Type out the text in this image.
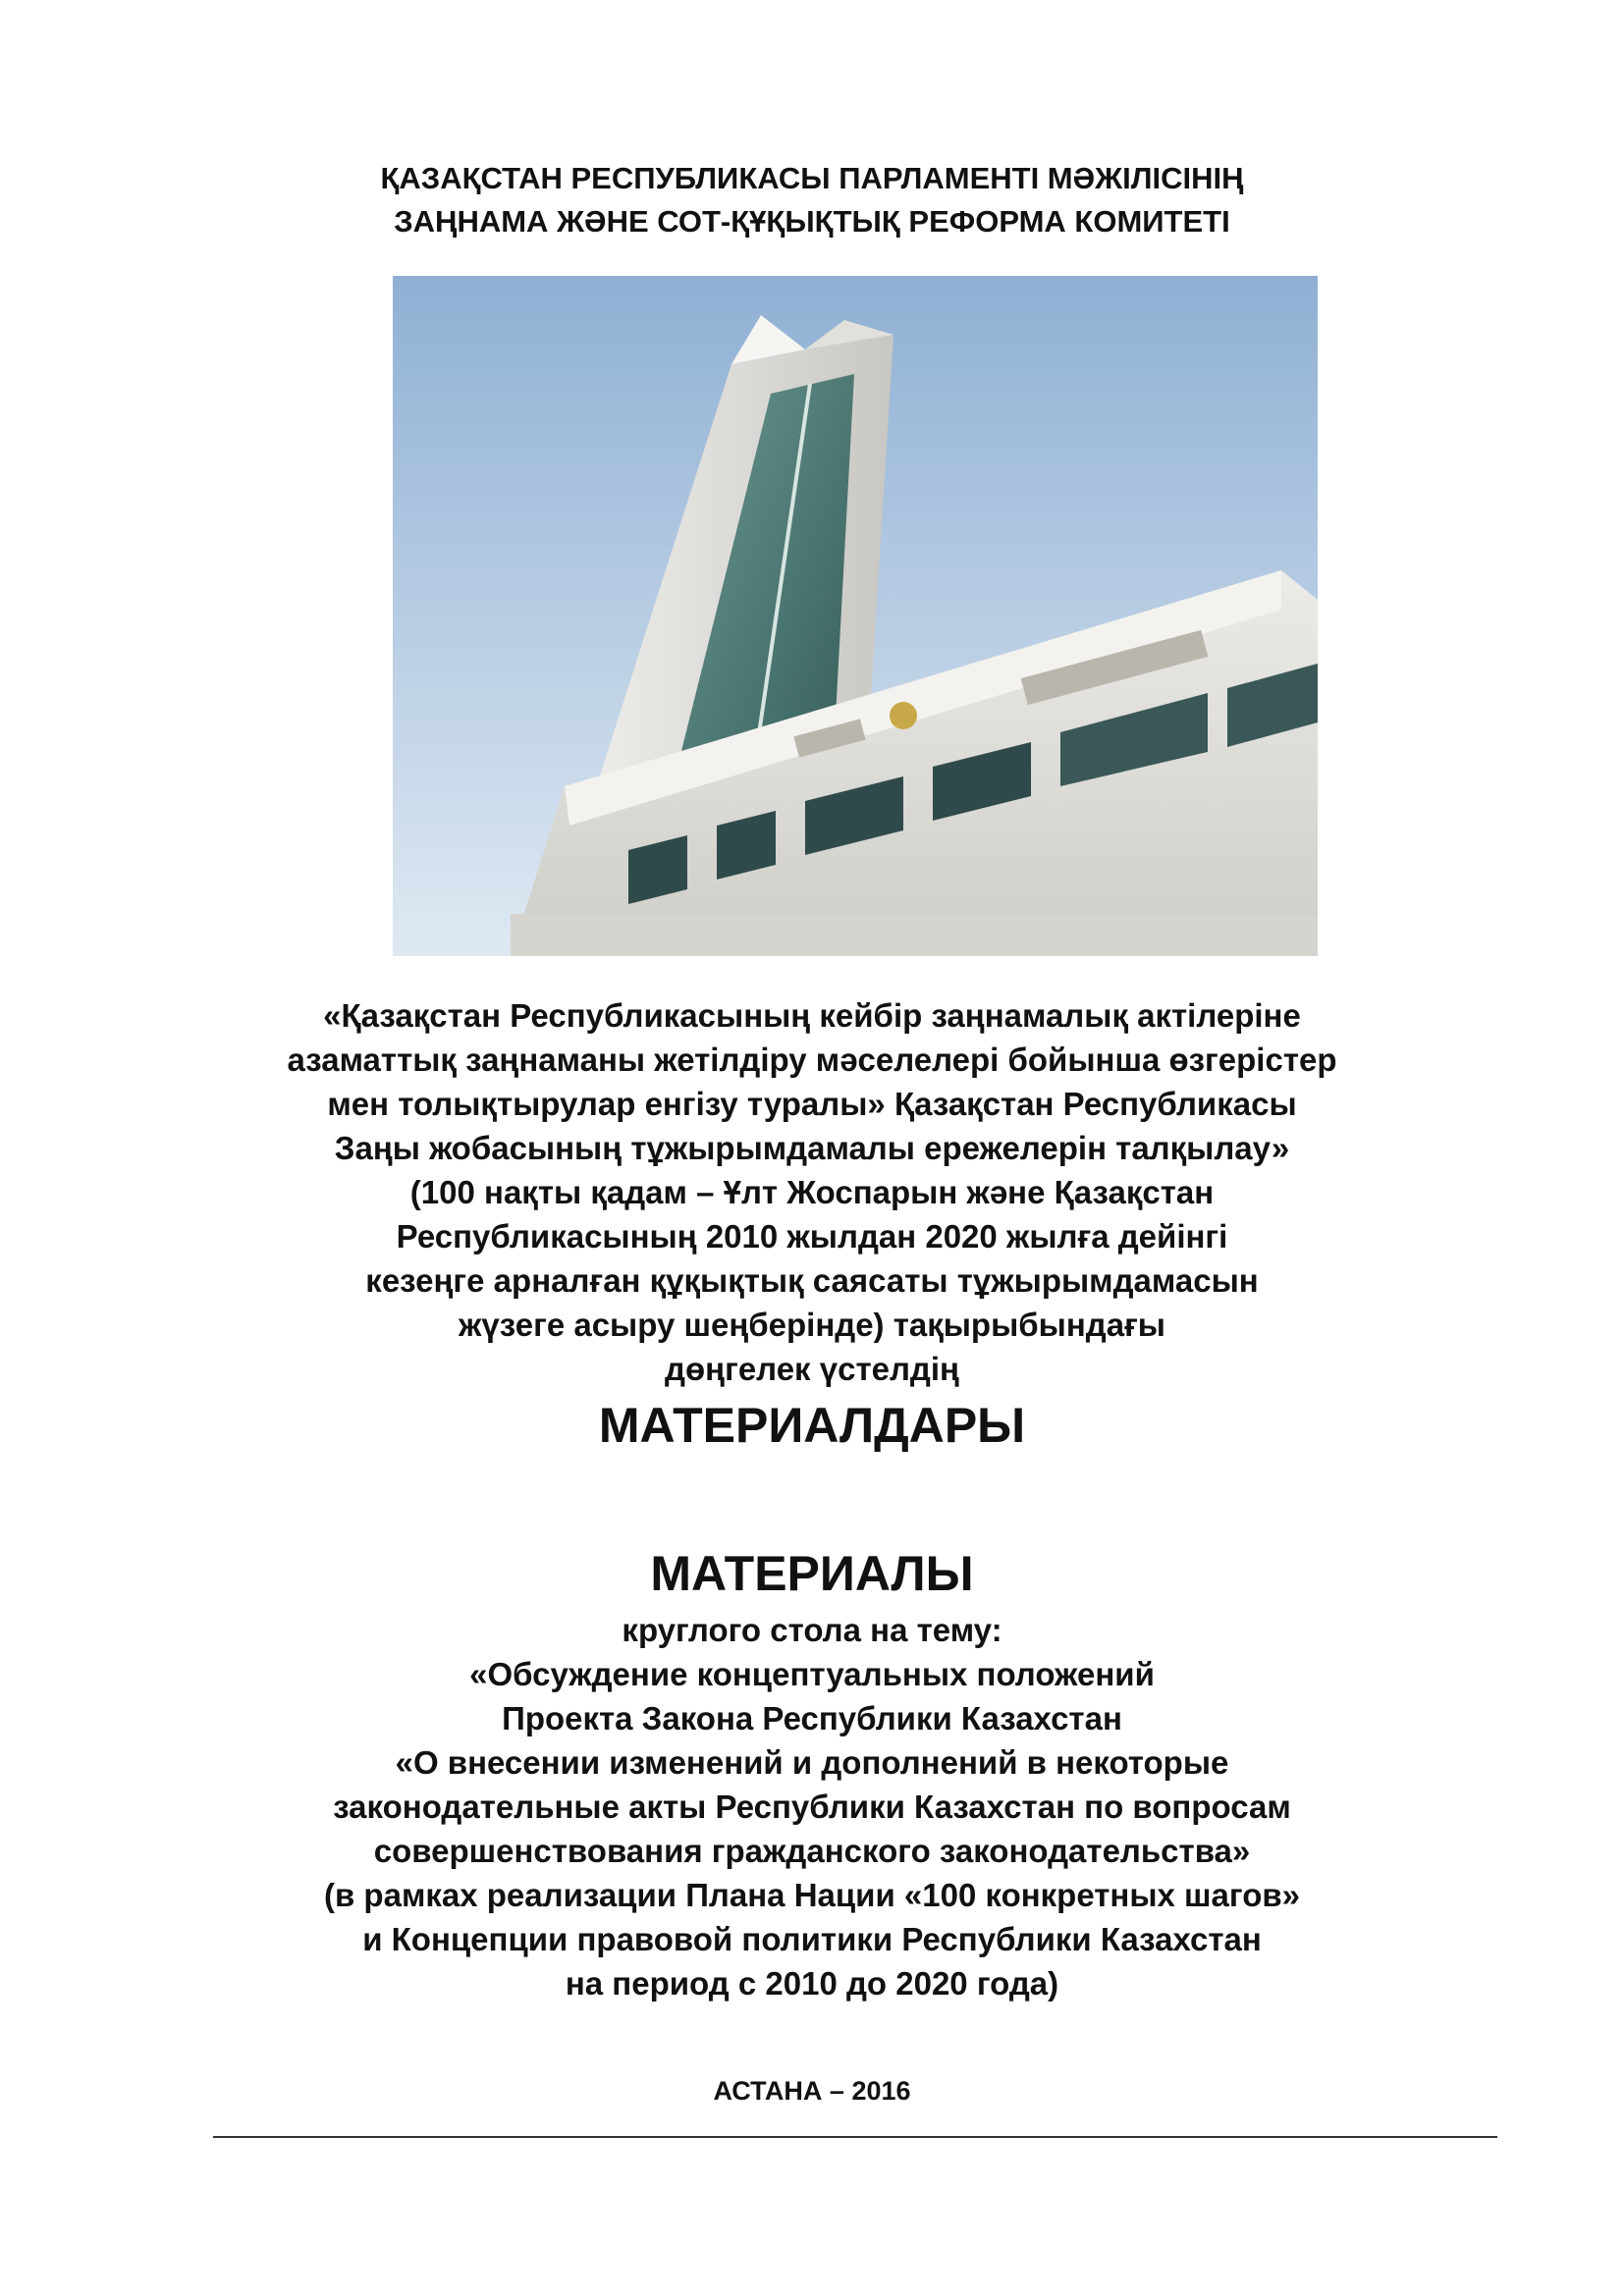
ҚАЗАҚСТАН РЕСПУБЛИКАСЫ ПАРЛАМЕНТІ МӘЖІЛІСІНІҢ
ЗАҢНАМА ЖӘНЕ СОТ-ҚҰҚЫҚТЫҚ РЕФОРМА КОМИТЕТІ
«Қазақстан Республикасының кейбір заңнамалық актілеріне
азаматтық заңнаманы жетілдіру мәселелері бойынша өзгерістер
мен толықтырулар енгізу туралы» Қазақстан Республикасы
Заңы жобасының тұжырымдамалы ережелерін талқылау»
(100 нақты қадам – Ұлт Жоспарын және Қазақстан
Республикасының 2010 жылдан 2020 жылға дейінгі
кезеңге арналған құқықтық саясаты тұжырымдамасын
жүзеге асыру шеңберінде) тақырыбындағы
дөңгелек үстелдің
МАТЕРИАЛДАРЫ
МАТЕРИАЛЫ
круглого стола на тему:
«Обсуждение концептуальных положений
Проекта Закона Республики Казахстан
«О внесении изменений и дополнений в некоторые
законодательные акты Республики Казахстан по вопросам
совершенствования гражданского законодательства»
(в рамках реализации Плана Нации «100 конкретных шагов»
и Концепции правовой политики Республики Казахстан
на период с 2010 до 2020 года)
АСТАНА – 2016
